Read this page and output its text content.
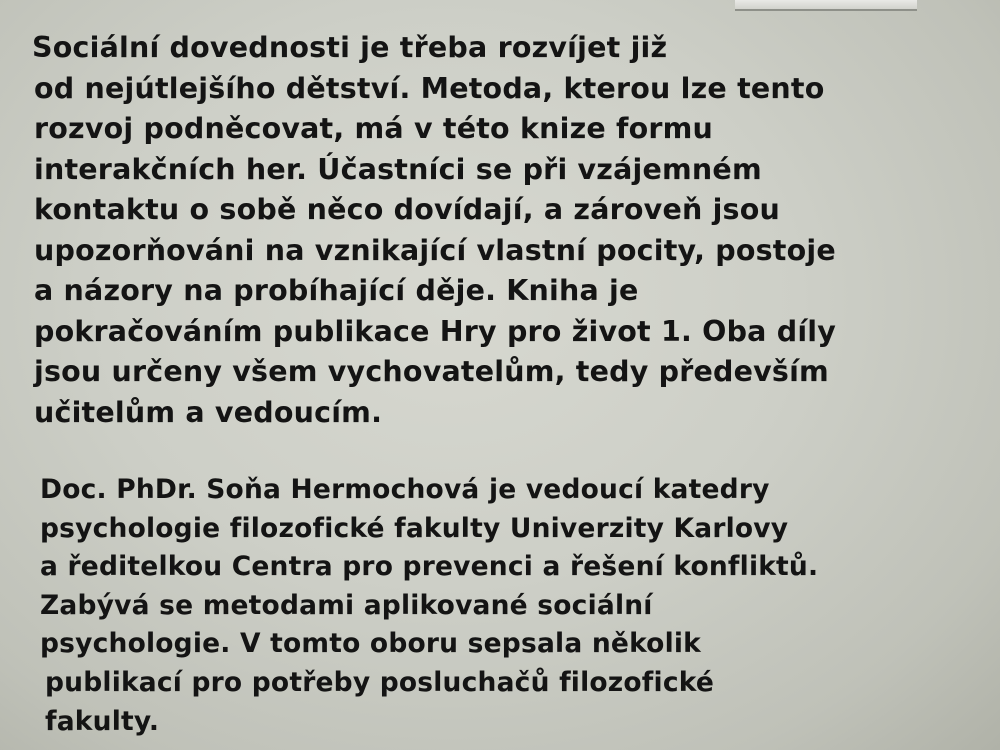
Sociální dovednosti je třeba rozvíjet již
od nejútlejšího dětství. Metoda, kterou lze tento
rozvoj podněcovat, má v této knize formu
interakčních her. Účastníci se při vzájemném
kontaktu o sobě něco dovídají, a zároveň jsou
upozorňováni na vznikající vlastní pocity, postoje
a názory na probíhající děje. Kniha je
pokračováním publikace Hry pro život 1. Oba díly
jsou určeny všem vychovatelům, tedy především
učitelům a vedoucím.
Doc. PhDr. Soňa Hermochová je vedoucí katedry
psychologie filozofické fakulty Univerzity Karlovy
a ředitelkou Centra pro prevenci a řešení konfliktů.
Zabývá se metodami aplikované sociální
psychologie. V tomto oboru sepsala několik
publikací pro potřeby posluchačů filozofické
fakulty.
